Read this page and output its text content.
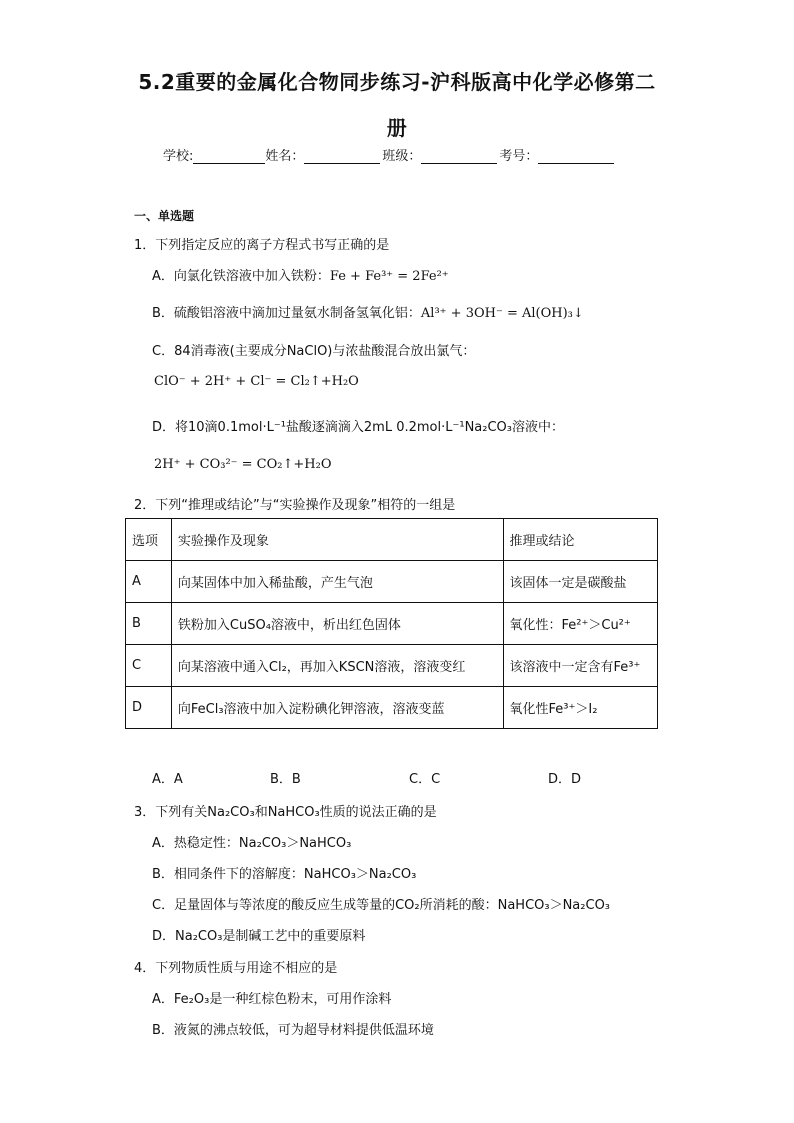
5.2重要的金属化合物同步练习-沪科版高中化学必修第二
册
学校:	姓名：	班级：	考号：
一、单选题
1．下列指定反应的离子方程式书写正确的是
A．向氯化铁溶液中加入铁粉：Fe + Fe³⁺ = 2Fe²⁺
B．硫酸铝溶液中滴加过量氨水制备氢氧化铝：Al³⁺ + 3OH⁻ = Al(OH)₃↓
C．84消毒液(主要成分NaClO)与浓盐酸混合放出氯气：
ClO⁻ + 2H⁺ + Cl⁻ = Cl₂↑+H₂O
D．将10滴0.1mol·L⁻¹盐酸逐滴滴入2mL 0.2mol·L⁻¹Na₂CO₃溶液中：
2H⁺ + CO₃²⁻ = CO₂↑+H₂O
2．下列“推理或结论”与“实验操作及现象”相符的一组是
选项	实验操作及现象	推理或结论
A	向某固体中加入稀盐酸，产生气泡	该固体一定是碳酸盐
B	铁粉加入CuSO₄溶液中，析出红色固体	氧化性：Fe²⁺＞Cu²⁺
C	向某溶液中通入Cl₂，再加入KSCN溶液，溶液变红	该溶液中一定含有Fe³⁺
D	向FeCl₃溶液中加入淀粉碘化钾溶液，溶液变蓝	氧化性Fe³⁺＞I₂
A．A	B．B	C．C	D．D
3．下列有关Na₂CO₃和NaHCO₃性质的说法正确的是
A．热稳定性：Na₂CO₃＞NaHCO₃
B．相同条件下的溶解度：NaHCO₃＞Na₂CO₃
C．足量固体与等浓度的酸反应生成等量的CO₂所消耗的酸：NaHCO₃＞Na₂CO₃
D．Na₂CO₃是制碱工艺中的重要原料
4．下列物质性质与用途不相应的是
A．Fe₂O₃是一种红棕色粉末，可用作涂料
B．液氮的沸点较低，可为超导材料提供低温环境
